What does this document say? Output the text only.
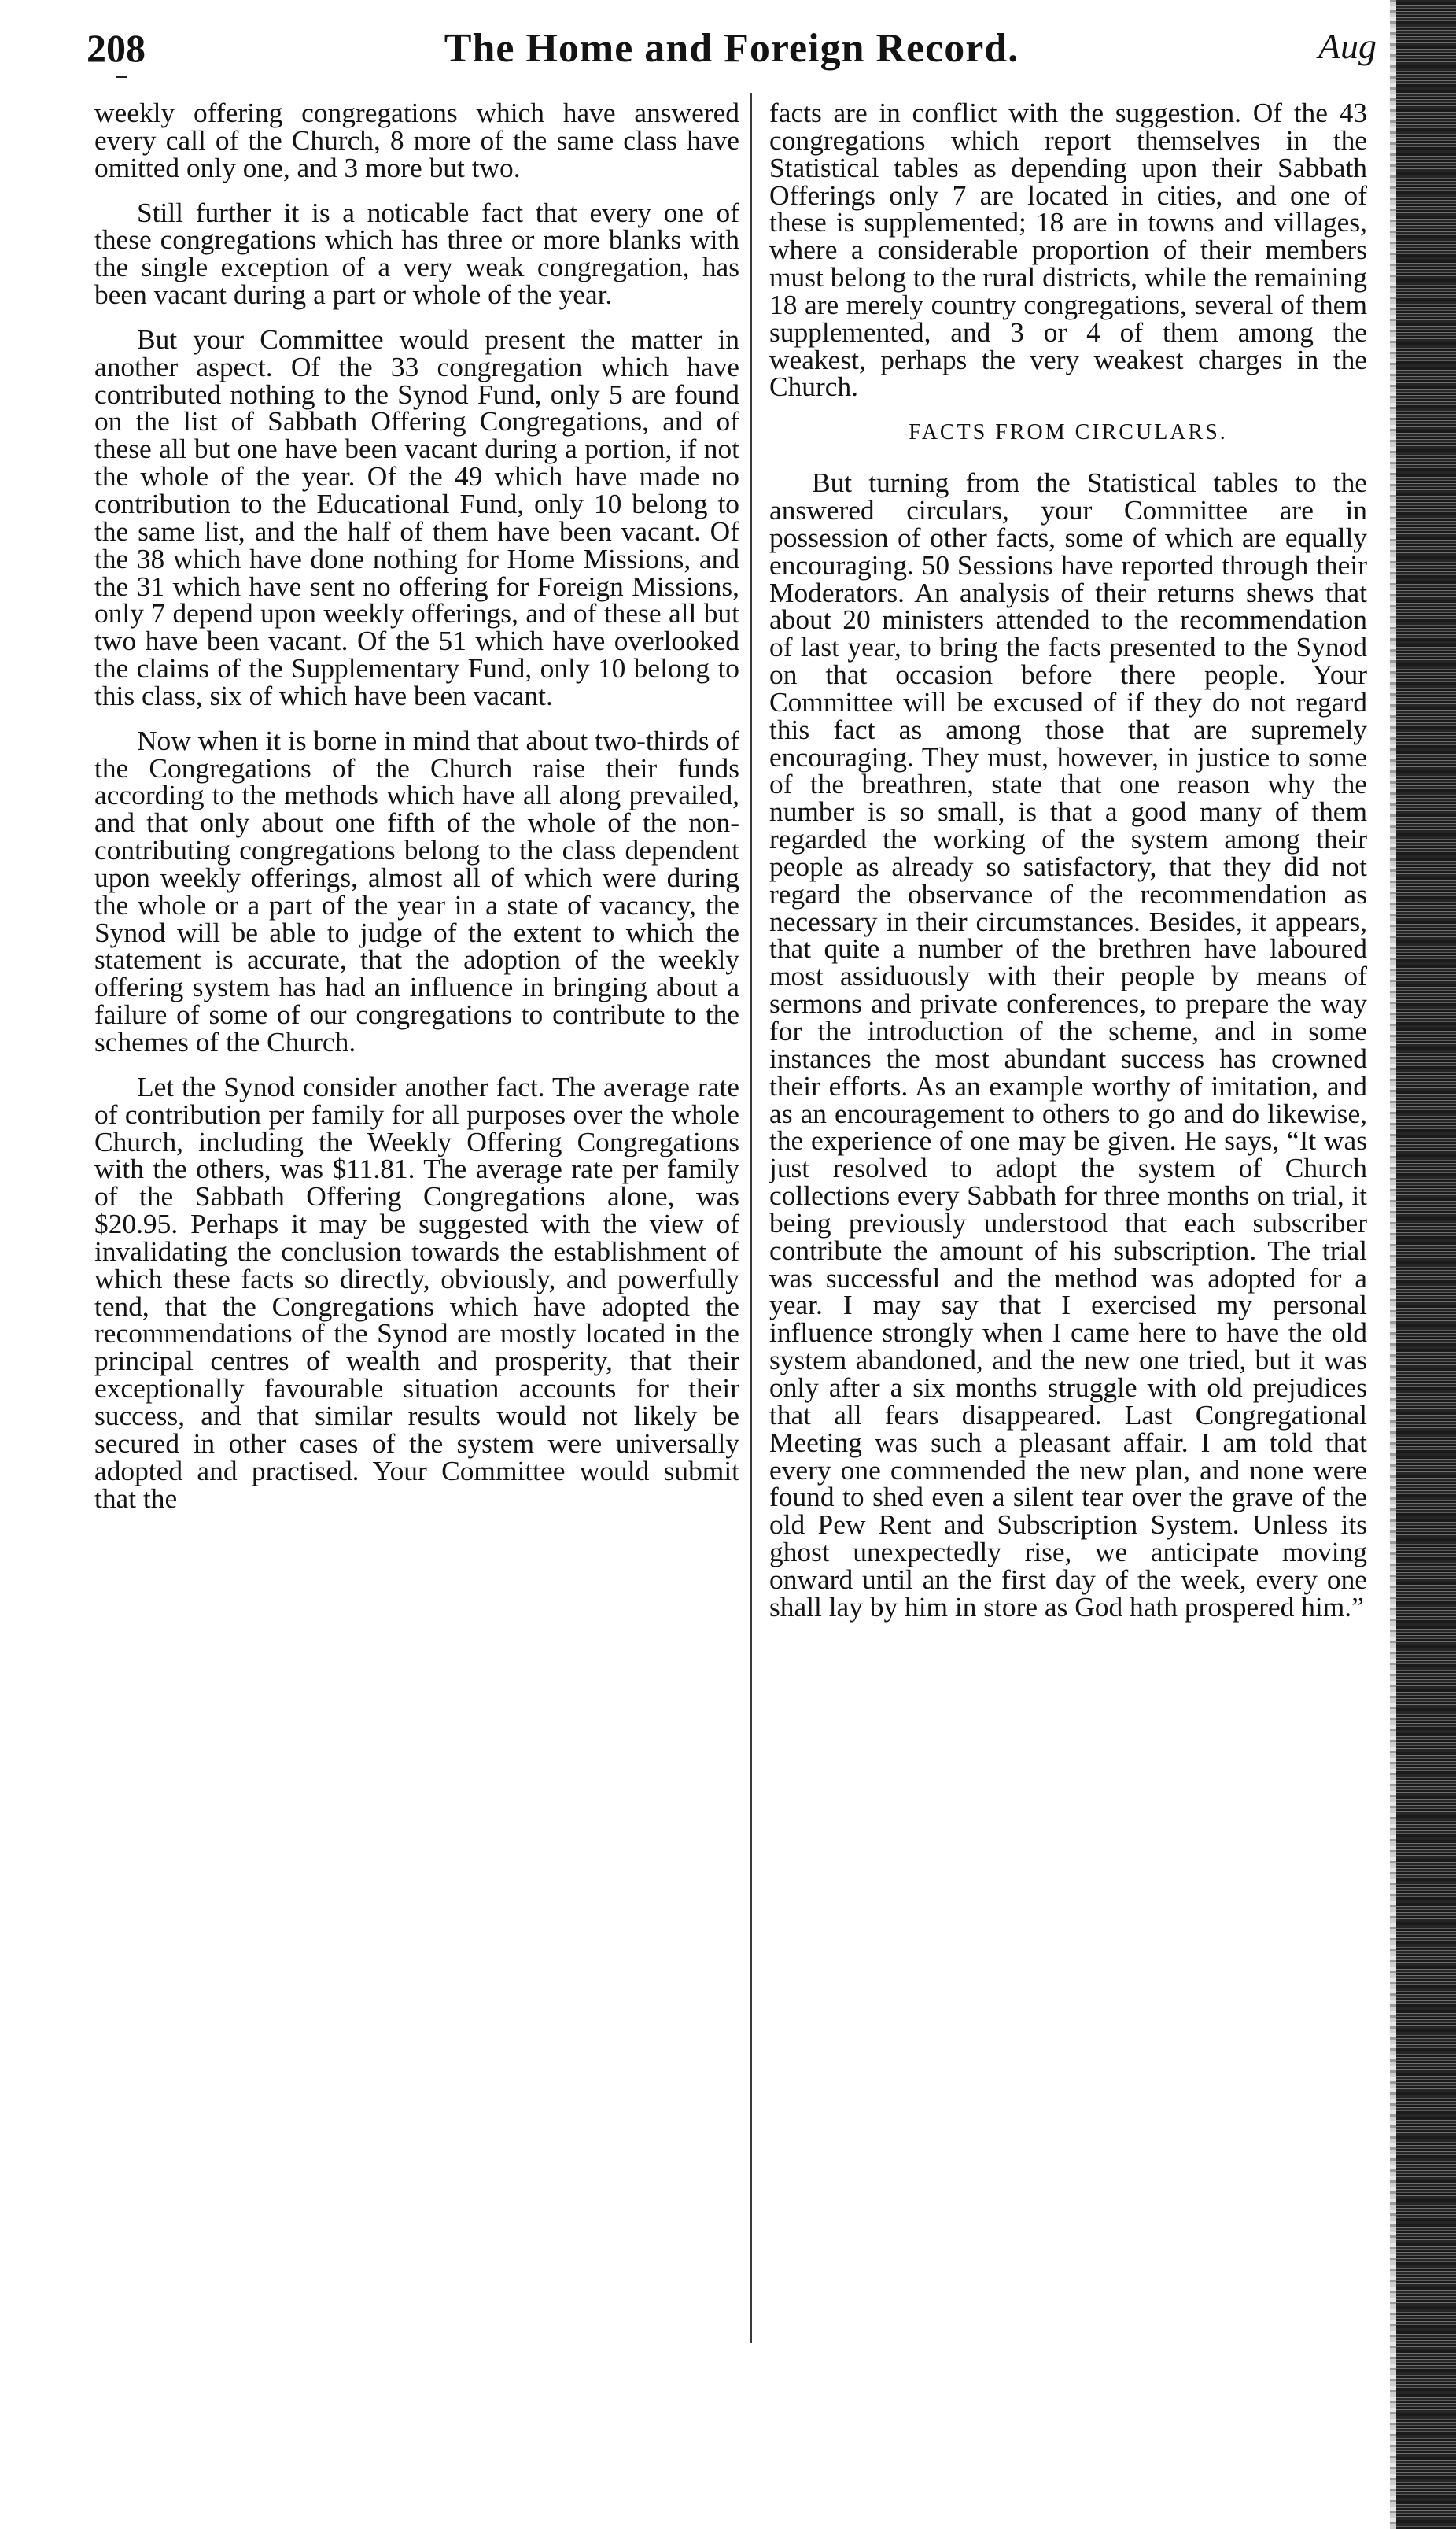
208	The Home and Foreign Record.	Aug

weekly offering congregations which have answered every call of the Church, 8 more of the same class have omitted only one, and 3 more but two.

Still further it is a noticable fact that every one of these congregations which has three or more blanks with the single exception of a very weak congregation, has been vacant during a part or whole of the year.

But your Committee would present the matter in another aspect. Of the 33 congregation which have contributed nothing to the Synod Fund, only 5 are found on the list of Sabbath Offering Congregations, and of these all but one have been vacant during a portion, if not the whole of the year. Of the 49 which have made no contribution to the Educational Fund, only 10 belong to the same list, and the half of them have been vacant. Of the 38 which have done nothing for Home Missions, and the 31 which have sent no offering for Foreign Missions, only 7 depend upon weekly offerings, and of these all but two have been vacant. Of the 51 which have overlooked the claims of the Supplementary Fund, only 10 belong to this class, six of which have been vacant.

Now when it is borne in mind that about two-thirds of the Congregations of the Church raise their funds according to the methods which have all along prevailed, and that only about one fifth of the whole of the non-contributing congregations belong to the class dependent upon weekly offerings, almost all of which were during the whole or a part of the year in a state of vacancy, the Synod will be able to judge of the extent to which the statement is accurate, that the adoption of the weekly offering system has had an influence in bringing about a failure of some of our congregations to contribute to the schemes of the Church.

Let the Synod consider another fact. The average rate of contribution per family for all purposes over the whole Church, including the Weekly Offering Congregations with the others, was $11.81. The average rate per family of the Sabbath Offering Congregations alone, was $20.95. Perhaps it may be suggested with the view of invalidating the conclusion towards the establishment of which these facts so directly, obviously, and powerfully tend, that the Congregations which have adopted the recommendations of the Synod are mostly located in the principal centres of wealth and prosperity, that their exceptionally favourable situation accounts for their success, and that similar results would not likely be secured in other cases of the system were universally adopted and practised. Your Committee would submit that the

facts are in conflict with the suggestion. Of the 43 congregations which report themselves in the Statistical tables as depending upon their Sabbath Offerings only 7 are located in cities, and one of these is supplemented; 18 are in towns and villages, where a considerable proportion of their members must belong to the rural districts, while the remaining 18 are merely country congregations, several of them supplemented, and 3 or 4 of them among the weakest, perhaps the very weakest charges in the Church.

FACTS FROM CIRCULARS.

But turning from the Statistical tables to the answered circulars, your Committee are in possession of other facts, some of which are equally encouraging. 50 Sessions have reported through their Moderators. An analysis of their returns shews that about 20 ministers attended to the recommendation of last year, to bring the facts presented to the Synod on that occasion before there people. Your Committee will be excused of if they do not regard this fact as among those that are supremely encouraging. They must, however, in justice to some of the breathren, state that one reason why the number is so small, is that a good many of them regarded the working of the system among their people as already so satisfactory, that they did not regard the observance of the recommendation as necessary in their circumstances. Besides, it appears, that quite a number of the brethren have laboured most assiduously with their people by means of sermons and private conferences, to prepare the way for the introduction of the scheme, and in some instances the most abundant success has crowned their efforts. As an example worthy of imitation, and as an encouragement to others to go and do likewise, the experience of one may be given. He says, “It was just resolved to adopt the system of Church collections every Sabbath for three months on trial, it being previously understood that each subscriber contribute the amount of his subscription. The trial was successful and the method was adopted for a year. I may say that I exercised my personal influence strongly when I came here to have the old system abandoned, and the new one tried, but it was only after a six months struggle with old prejudices that all fears disappeared. Last Congregational Meeting was such a pleasant affair. I am told that every one commended the new plan, and none were found to shed even a silent tear over the grave of the old Pew Rent and Subscription System. Unless its ghost unexpectedly rise, we anticipate moving onward until an the first day of the week, every one shall lay by him in store as God hath prospered him.”
